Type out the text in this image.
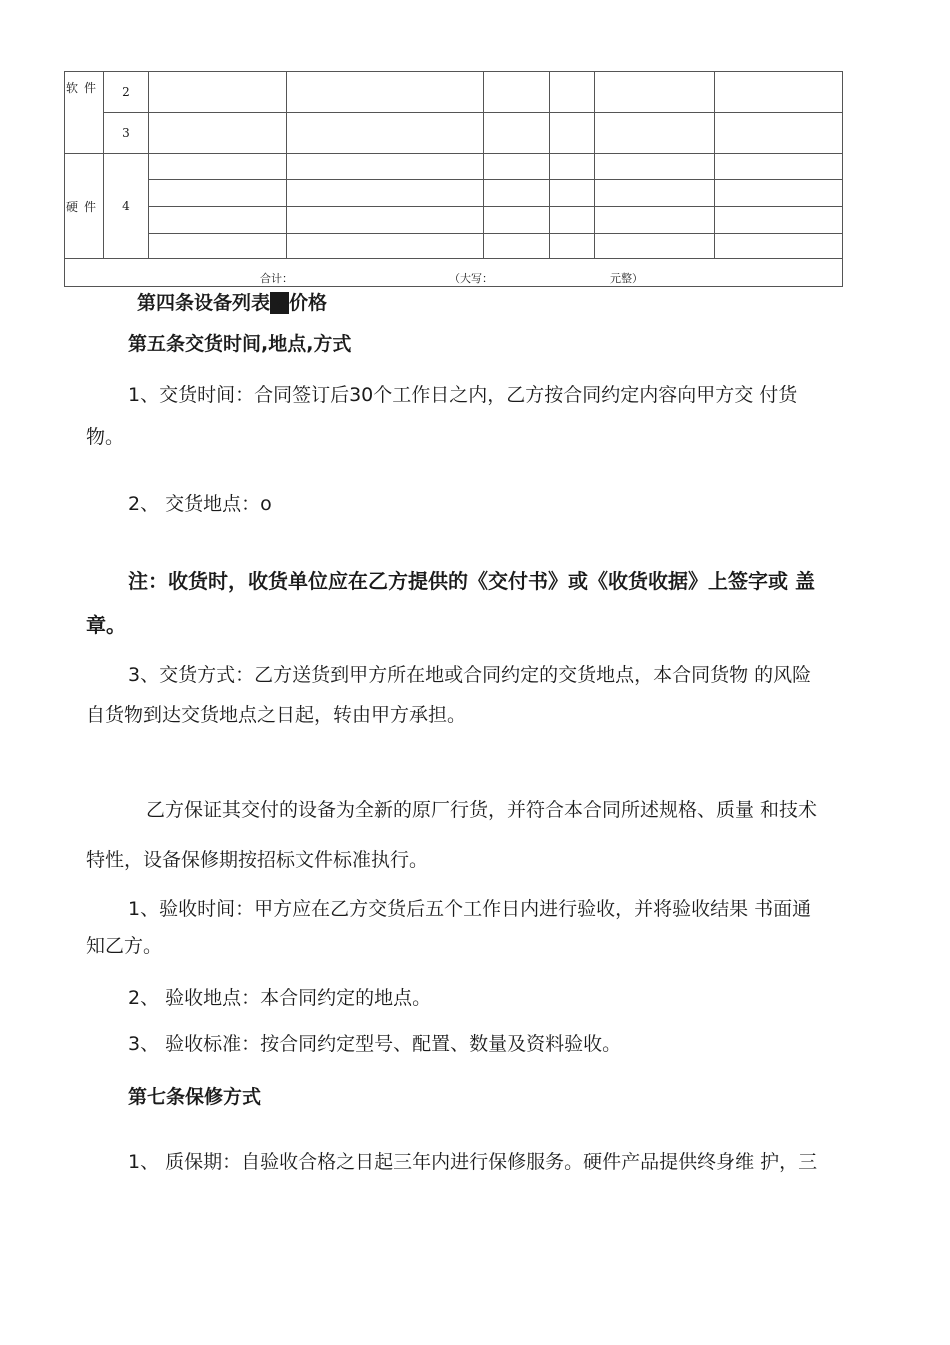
软件	2						
	3						
硬件	4						

合计： （大写： 元整）							
第四条设备列表及价格
第五条交货时间,地点,方式
1、交货时间：合同签订后30个工作日之内，乙方按合同约定内容向甲方交 付货
物。
2、 交货地点：o
注：收货时，收货单位应在乙方提供的《交付书》或《收货收据》上签字或 盖
章。
3、交货方式：乙方送货到甲方所在地或合同约定的交货地点，本合同货物 的风险
自货物到达交货地点之日起，转由甲方承担。
乙方保证其交付的设备为全新的原厂行货，并符合本合同所述规格、质量 和技术
特性，设备保修期按招标文件标准执行。
1、验收时间：甲方应在乙方交货后五个工作日内进行验收，并将验收结果 书面通
知乙方。
2、 验收地点：本合同约定的地点。
3、 验收标准：按合同约定型号、配置、数量及资料验收。
第七条保修方式
1、 质保期：自验收合格之日起三年内进行保修服务。硬件产品提供终身维 护，三
